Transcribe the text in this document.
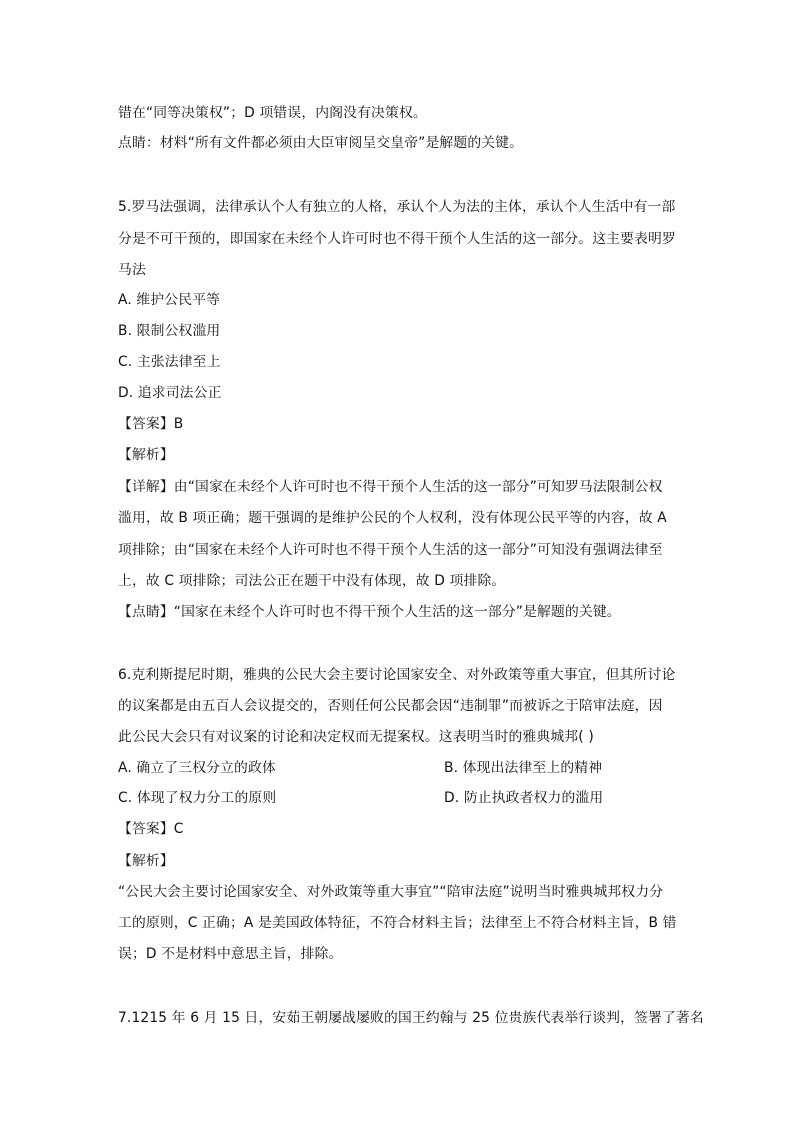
错在“同等决策权”；D 项错误，内阁没有决策权。

点睛：材料“所有文件都必须由大臣审阅呈交皇帝”是解题的关键。

5.罗马法强调，法律承认个人有独立的人格，承认个人为法的主体，承认个人生活中有一部

分是不可干预的，即国家在未经个人许可时也不得干预个人生活的这一部分。这主要表明罗

马法

A. 维护公民平等

B. 限制公权滥用

C. 主张法律至上

D. 追求司法公正

【答案】B

【解析】

【详解】由“国家在未经个人许可时也不得干预个人生活的这一部分”可知罗马法限制公权

滥用，故 B 项正确；题干强调的是维护公民的个人权利，没有体现公民平等的内容，故 A

项排除；由“国家在未经个人许可时也不得干预个人生活的这一部分”可知没有强调法律至

上，故 C 项排除；司法公正在题干中没有体现，故 D 项排除。

【点睛】“国家在未经个人许可时也不得干预个人生活的这一部分”是解题的关键。

6.克利斯提尼时期，雅典的公民大会主要讨论国家安全、对外政策等重大事宜，但其所讨论

的议案都是由五百人会议提交的，否则任何公民都会因“违制罪”而被诉之于陪审法庭，因

此公民大会只有对议案的讨论和决定权而无提案权。这表明当时的雅典城邦( )

A. 确立了三权分立的政体	B. 体现出法律至上的精神

C. 体现了权力分工的原则	D. 防止执政者权力的滥用

【答案】C

【解析】

“公民大会主要讨论国家安全、对外政策等重大事宜”“陪审法庭”说明当时雅典城邦权力分

工的原则，C 正确；A 是美国政体特征，不符合材料主旨；法律至上不符合材料主旨，B 错

误；D 不是材料中意思主旨，排除。

7.1215 年 6 月 15 日，安茹王朝屡战屡败的国王约翰与 25 位贵族代表举行谈判，签署了著名
